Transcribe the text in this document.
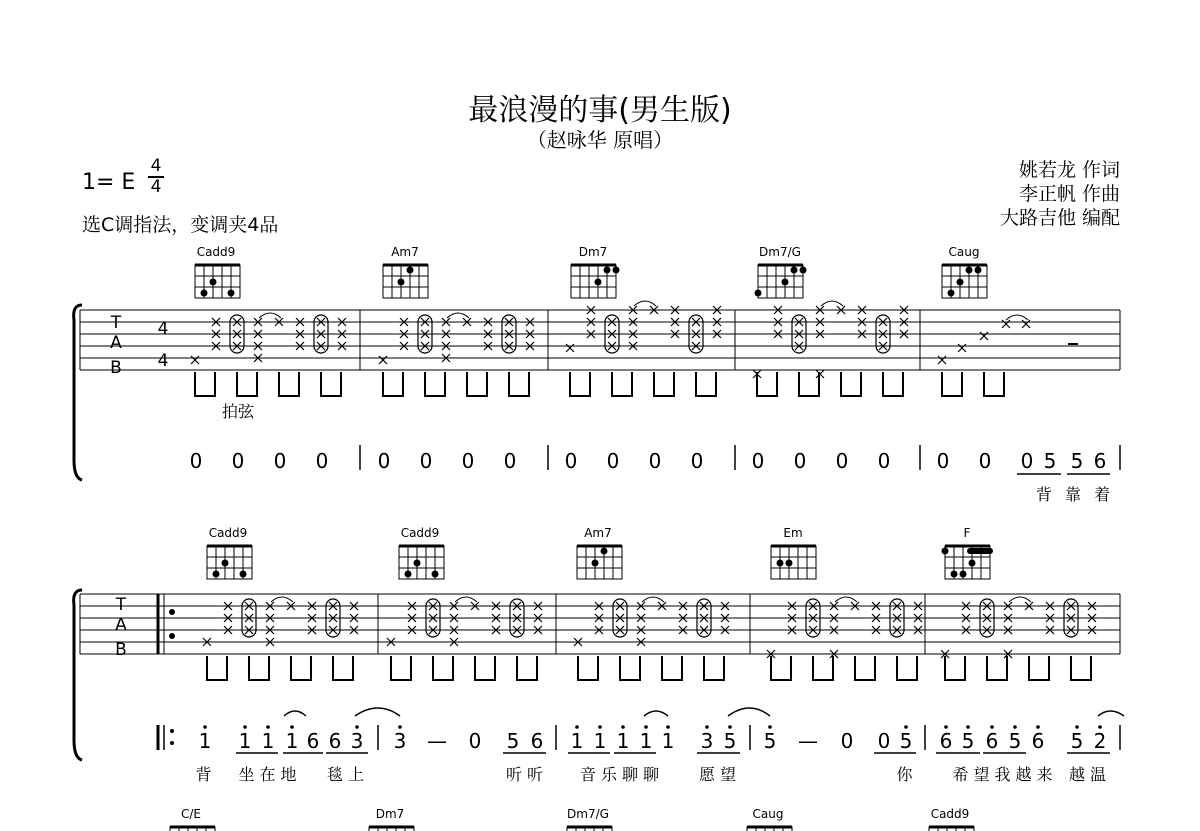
最浪漫的事(男生版)
（赵咏华 原唱）
1= E
4
4
选C调指法，变调夹4品
姚若龙 作词
李正帆 作曲
大路吉他 编配
T
A
B
4
4
Cadd9	Am7	Dm7	Dm7/G	Caug
拍弦
0 0 0 0 0 0 0 0 0 0 0 0 0 0 0 0 0 0 0 5 5 6
背 靠 着
T
A
B
Cadd9	Cadd9	Am7	Em	F
1 1 1 1 6 6 3 3 — 0 5 6 1 1 1 1 1 3 5 5 — 0 0 5 6 5 6 5 6 5 2
背 坐在地 毯上	听听 音乐聊聊 愿望	你 希望我越来 越温
C/E	Dm7	Dm7/G	Caug	Cadd9
